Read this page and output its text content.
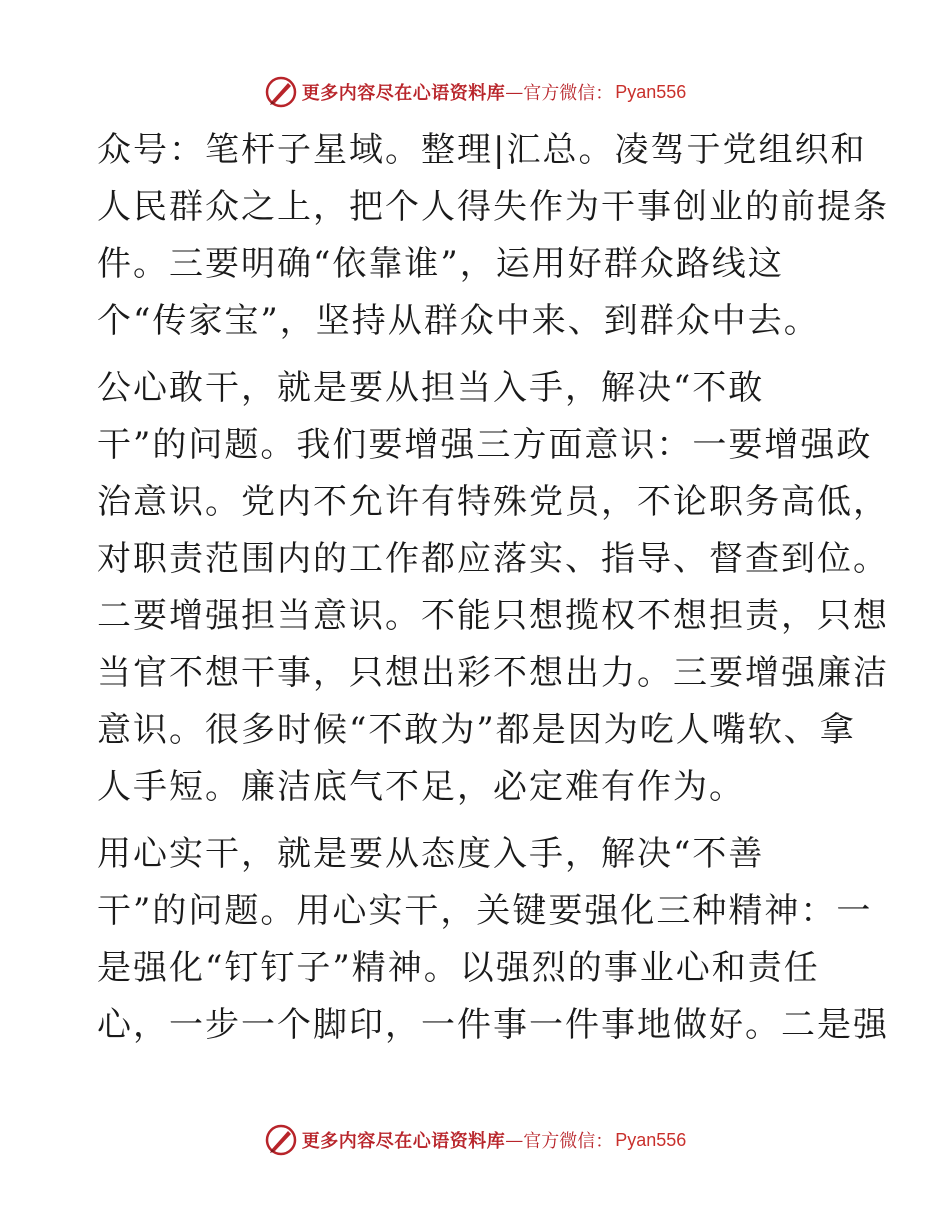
更多内容尽在心语资料库 — 官方微信： Pyan556
众号：笔杆子星域。整理|汇总。凌驾于党组织和
人民群众之上，把个人得失作为干事创业的前提条
件。三要明确“依靠谁”，运用好群众路线这
个“传家宝”，坚持从群众中来、到群众中去。
公心敢干，就是要从担当入手，解决“不敢
干”的问题。我们要增强三方面意识：一要增强政
治意识。党内不允许有特殊党员，不论职务高低，
对职责范围内的工作都应落实、指导、督查到位。
二要增强担当意识。不能只想揽权不想担责，只想
当官不想干事，只想出彩不想出力。三要增强廉洁
意识。很多时候“不敢为”都是因为吃人嘴软、拿
人手短。廉洁底气不足，必定难有作为。
用心实干，就是要从态度入手，解决“不善
干”的问题。用心实干，关键要强化三种精神：一
是强化“钉钉子”精神。以强烈的事业心和责任
心，一步一个脚印，一件事一件事地做好。二是强
更多内容尽在心语资料库 — 官方微信： Pyan556
